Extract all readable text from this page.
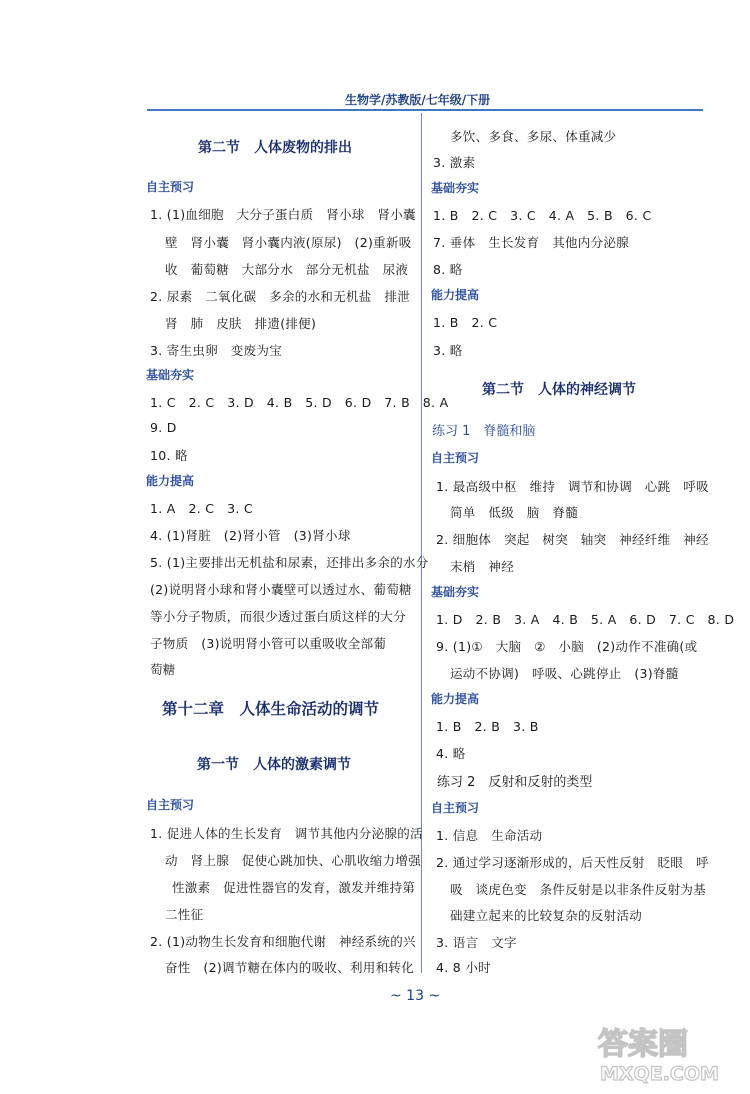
生物学/苏教版/七年级/下册
第二节　人体废物的排出
自主预习
1. (1)血细胞　大分子蛋白质　肾小球　肾小囊
壁　肾小囊　肾小囊内液(原尿)　(2)重新吸
收　葡萄糖　大部分水　部分无机盐　尿液
2. 尿素　二氧化碳　多余的水和无机盐　排泄
肾　肺　皮肤　排遗(排便)
3. 寄生虫卵　变废为宝
基础夯实
1. C　2. C　3. D　4. B　5. D　6. D　7. B　8. A
9. D
10. 略
能力提高
1. A　2. C　3. C
4. (1)肾脏　(2)肾小管　(3)肾小球
5. (1)主要排出无机盐和尿素，还排出多余的水分
(2)说明肾小球和肾小囊壁可以透过水、葡萄糖
等小分子物质，而很少透过蛋白质这样的大分
子物质　(3)说明肾小管可以重吸收全部葡
萄糖
第十二章　人体生命活动的调节
第一节　人体的激素调节
自主预习
1. 促进人体的生长发育　调节其他内分泌腺的活
动　肾上腺　促使心跳加快、心肌收缩力增强
性激素　促进性器官的发育，激发并维持第
二性征
2. (1)动物生长发育和细胞代谢　神经系统的兴
奋性　(2)调节糖在体内的吸收、利用和转化
多饮、多食、多尿、体重减少
3. 激素
基础夯实
1. B　2. C　3. C　4. A　5. B　6. C
7. 垂体　生长发育　其他内分泌腺
8. 略
能力提高
1. B　2. C
3. 略
第二节　人体的神经调节
练习 1　脊髓和脑
自主预习
1. 最高级中枢　维持　调节和协调　心跳　呼吸
简单　低级　脑　脊髓
2. 细胞体　突起　树突　轴突　神经纤维　神经
末梢　神经
基础夯实
1. D　2. B　3. A　4. B　5. A　6. D　7. C　8. D
9. (1)①　大脑　②　小脑　(2)动作不准确(或
运动不协调)　呼吸、心跳停止　(3)脊髓
能力提高
1. B　2. B　3. B
4. 略
练习 2　反射和反射的类型
自主预习
1. 信息　生命活动
2. 通过学习逐渐形成的，后天性反射　眨眼　呼
吸　谈虎色变　条件反射是以非条件反射为基
础建立起来的比较复杂的反射活动
3. 语言　文字
4. 8 小时
~ 13 ~
答案圈
MXQE.COM
